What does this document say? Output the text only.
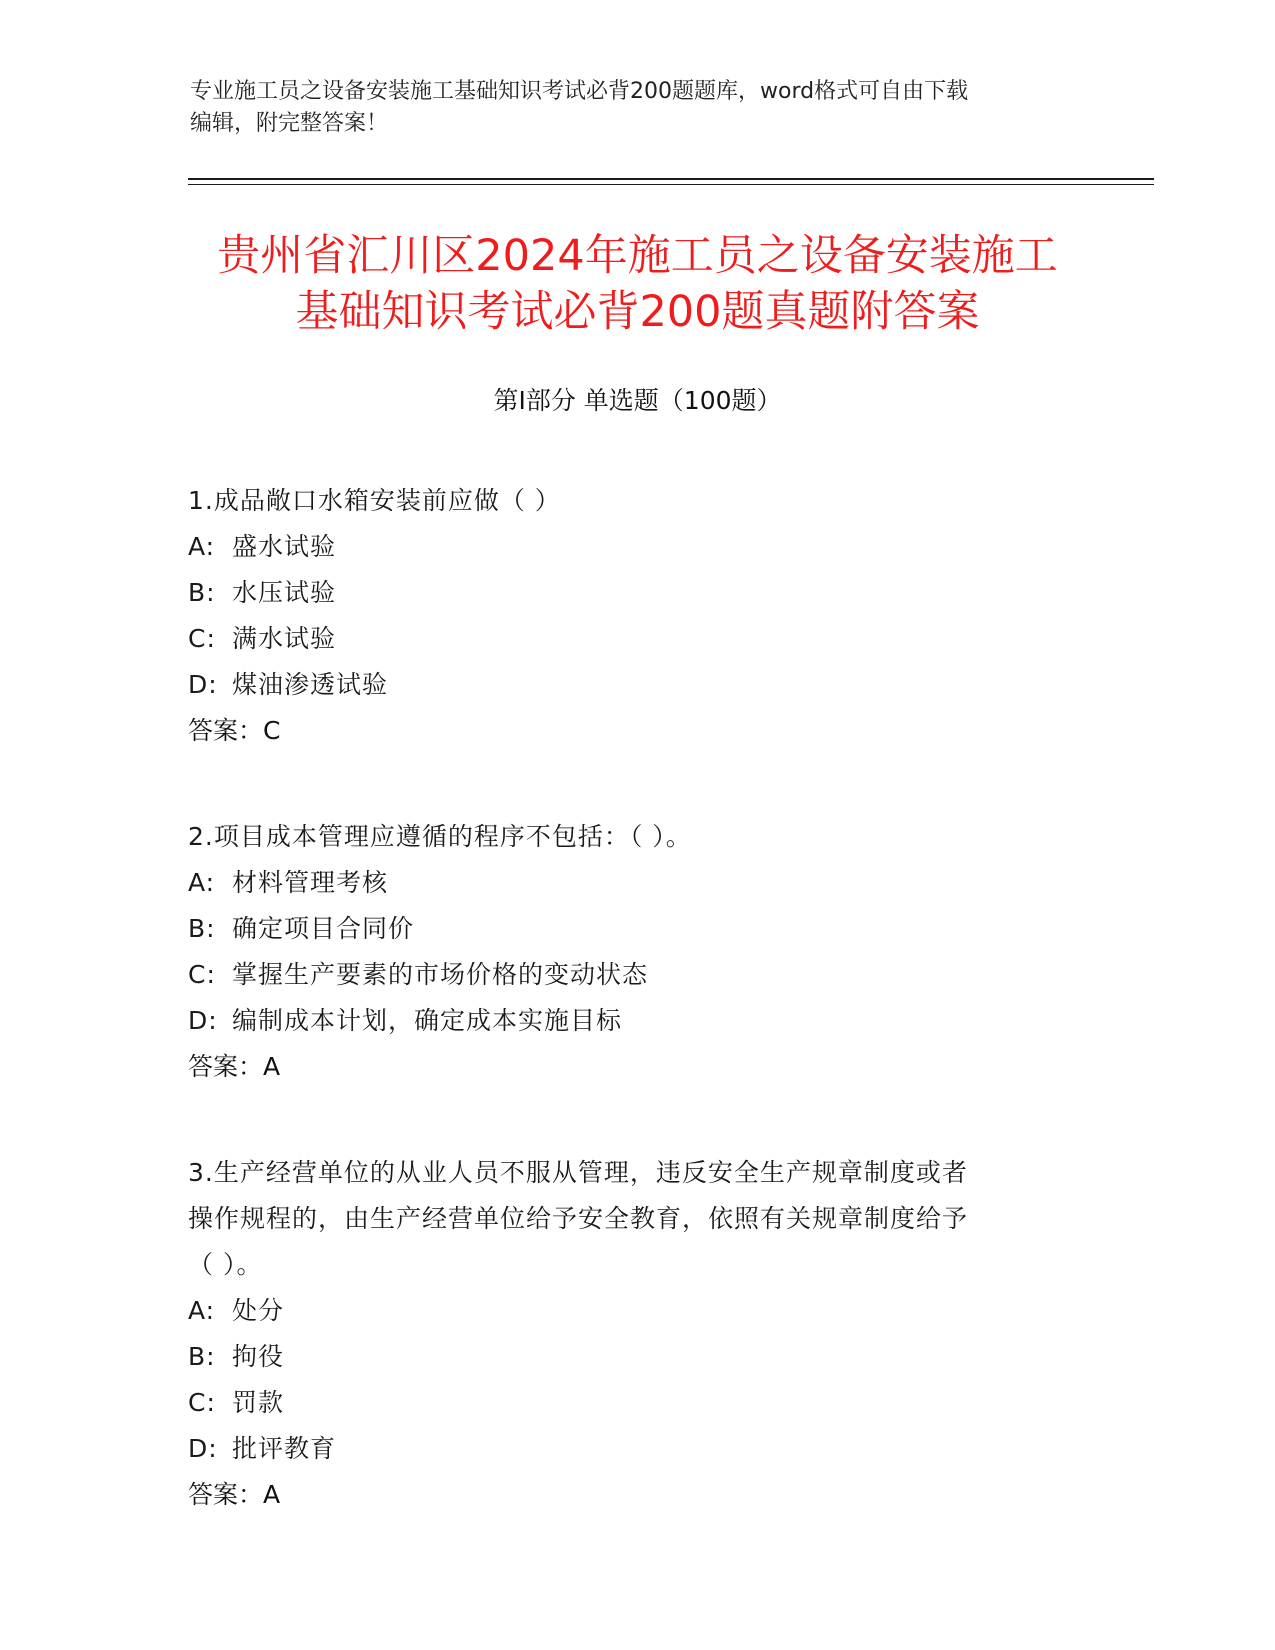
专业施工员之设备安装施工基础知识考试必背200题题库，word格式可自由下载
编辑，附完整答案！
贵州省汇川区2024年施工员之设备安装施工
基础知识考试必背200题真题附答案
第Ⅰ部分 单选题（100题）
1.成品敞口水箱安装前应做（ ）
A: 盛水试验
B: 水压试验
C: 满水试验
D: 煤油渗透试验
答案：C
2.项目成本管理应遵循的程序不包括：（ ）。
A: 材料管理考核
B: 确定项目合同价
C: 掌握生产要素的市场价格的变动状态
D: 编制成本计划，确定成本实施目标
答案：A
3.生产经营单位的从业人员不服从管理，违反安全生产规章制度或者
操作规程的，由生产经营单位给予安全教育，依照有关规章制度给予
（ ）。
A: 处分
B: 拘役
C: 罚款
D: 批评教育
答案：A
